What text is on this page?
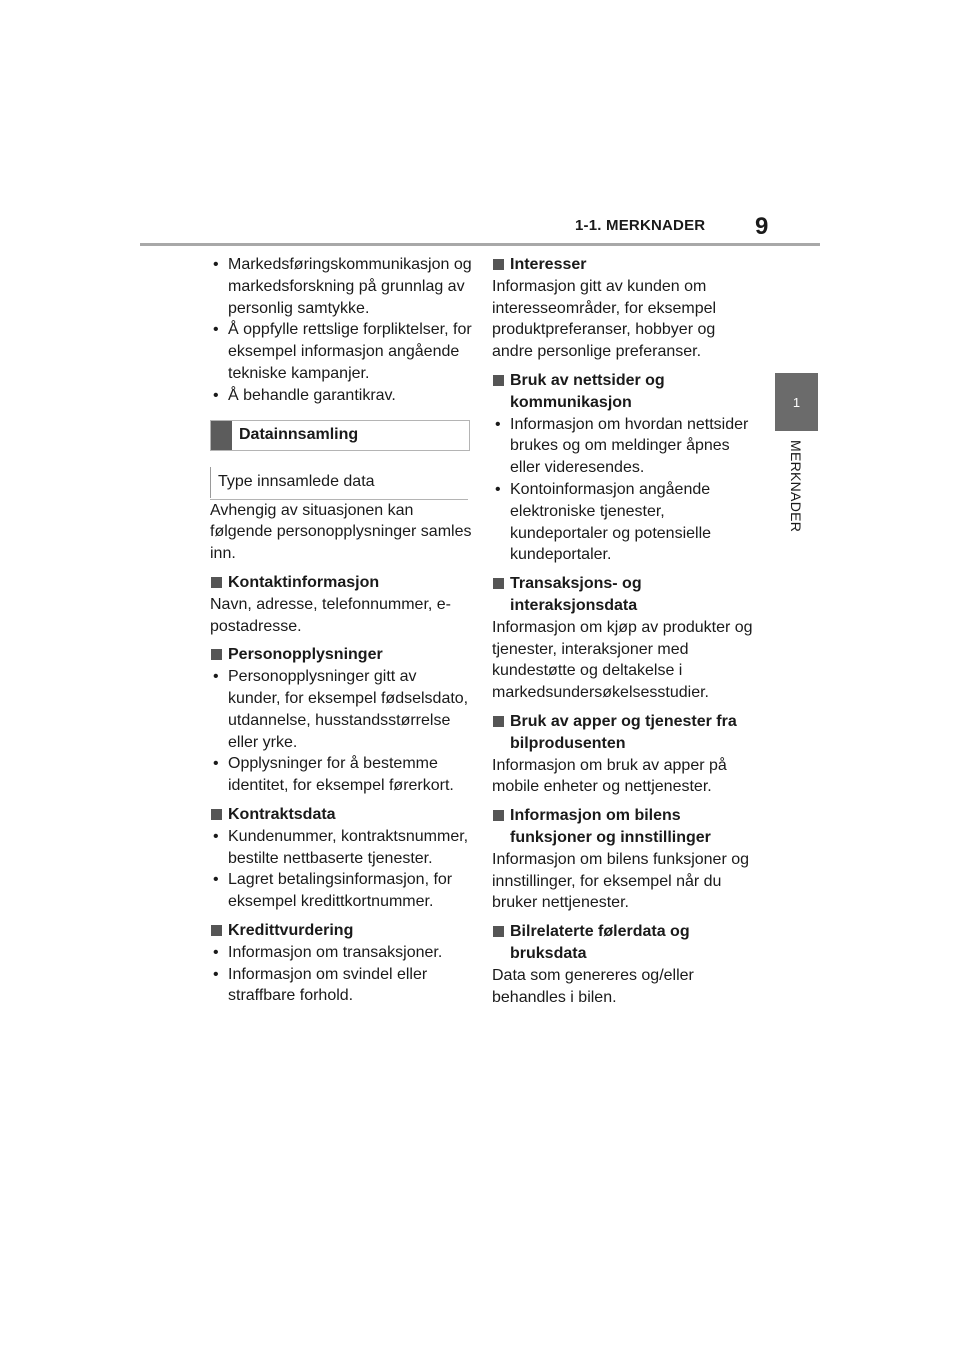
1-1. MERKNADER 9
1
MERKNADER
• Markedsføringskommunikasjon og markedsforskning på grunnlag av personlig samtykke.
• Å oppfylle rettslige forpliktelser, for eksempel informasjon angående tekniske kampanjer.
• Å behandle garantikrav.
Datainnsamling
Type innsamlede data

Avhengig av situasjonen kan følgende personopplysninger samles inn.

Kontaktinformasjon

Navn, adresse, telefonnummer, e-postadresse.

Personopplysninger
• Personopplysninger gitt av kunder, for eksempel fødselsdato, utdannelse, husstandsstørrelse eller yrke.
• Opplysninger for å bestemme identitet, for eksempel førerkort.
Kontraktsdata
• Kundenummer, kontraktsnummer, bestilte nettbaserte tjenester.
• Lagret betalingsinformasjon, for eksempel kredittkortnummer.
Kredittvurdering
• Informasjon om transaksjoner.
• Informasjon om svindel eller straffbare forhold.
Interesser

Informasjon gitt av kunden om interesseområder, for eksempel produktpreferanser, hobbyer og andre personlige preferanser.

Bruk av nettsider og kommunikasjon
• Informasjon om hvordan nettsider brukes og om meldinger åpnes eller videresendes.
• Kontoinformasjon angående elektroniske tjenester, kundeportaler og potensielle kundeportaler.
Transaksjons- og interaksjonsdata

Informasjon om kjøp av produkter og tjenester, interaksjoner med kundestøtte og deltakelse i markedsundersøkelsesstudier.

Bruk av apper og tjenester fra bilprodusenten

Informasjon om bruk av apper på mobile enheter og nettjenester.

Informasjon om bilens funksjoner og innstillinger

Informasjon om bilens funksjoner og innstillinger, for eksempel når du bruker nettjenester.

Bilrelaterte følerdata og bruksdata

Data som genereres og/eller behandles i bilen.
